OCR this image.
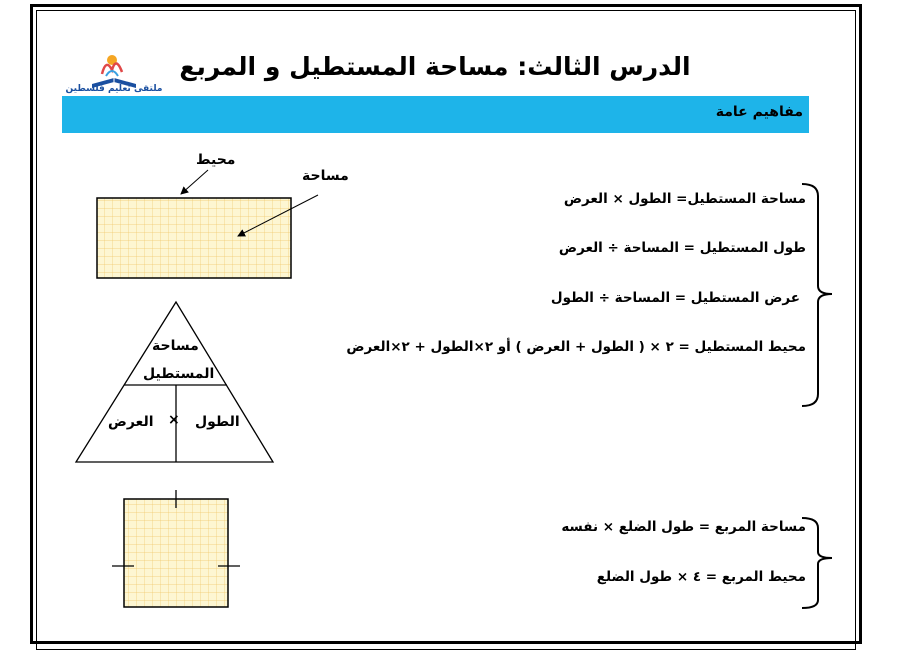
ملتقى تعليم فلسطين
الدرس الثالث: مساحة المستطيل و المربع
مفاهيم عامة
محيط
مساحة
مساحة
المستطيل
العرض × الطول
مساحة المستطيل= الطول × العرض
طول المستطيل = المساحة ÷ العرض
عرض المستطيل = المساحة ÷ الطول
محيط المستطيل = ٢ × ( الطول + العرض ) أو ٢×الطول + ٢×العرض
مساحة المربع = طول الضلع × نفسه
محيط المربع = ٤ × طول الضلع
